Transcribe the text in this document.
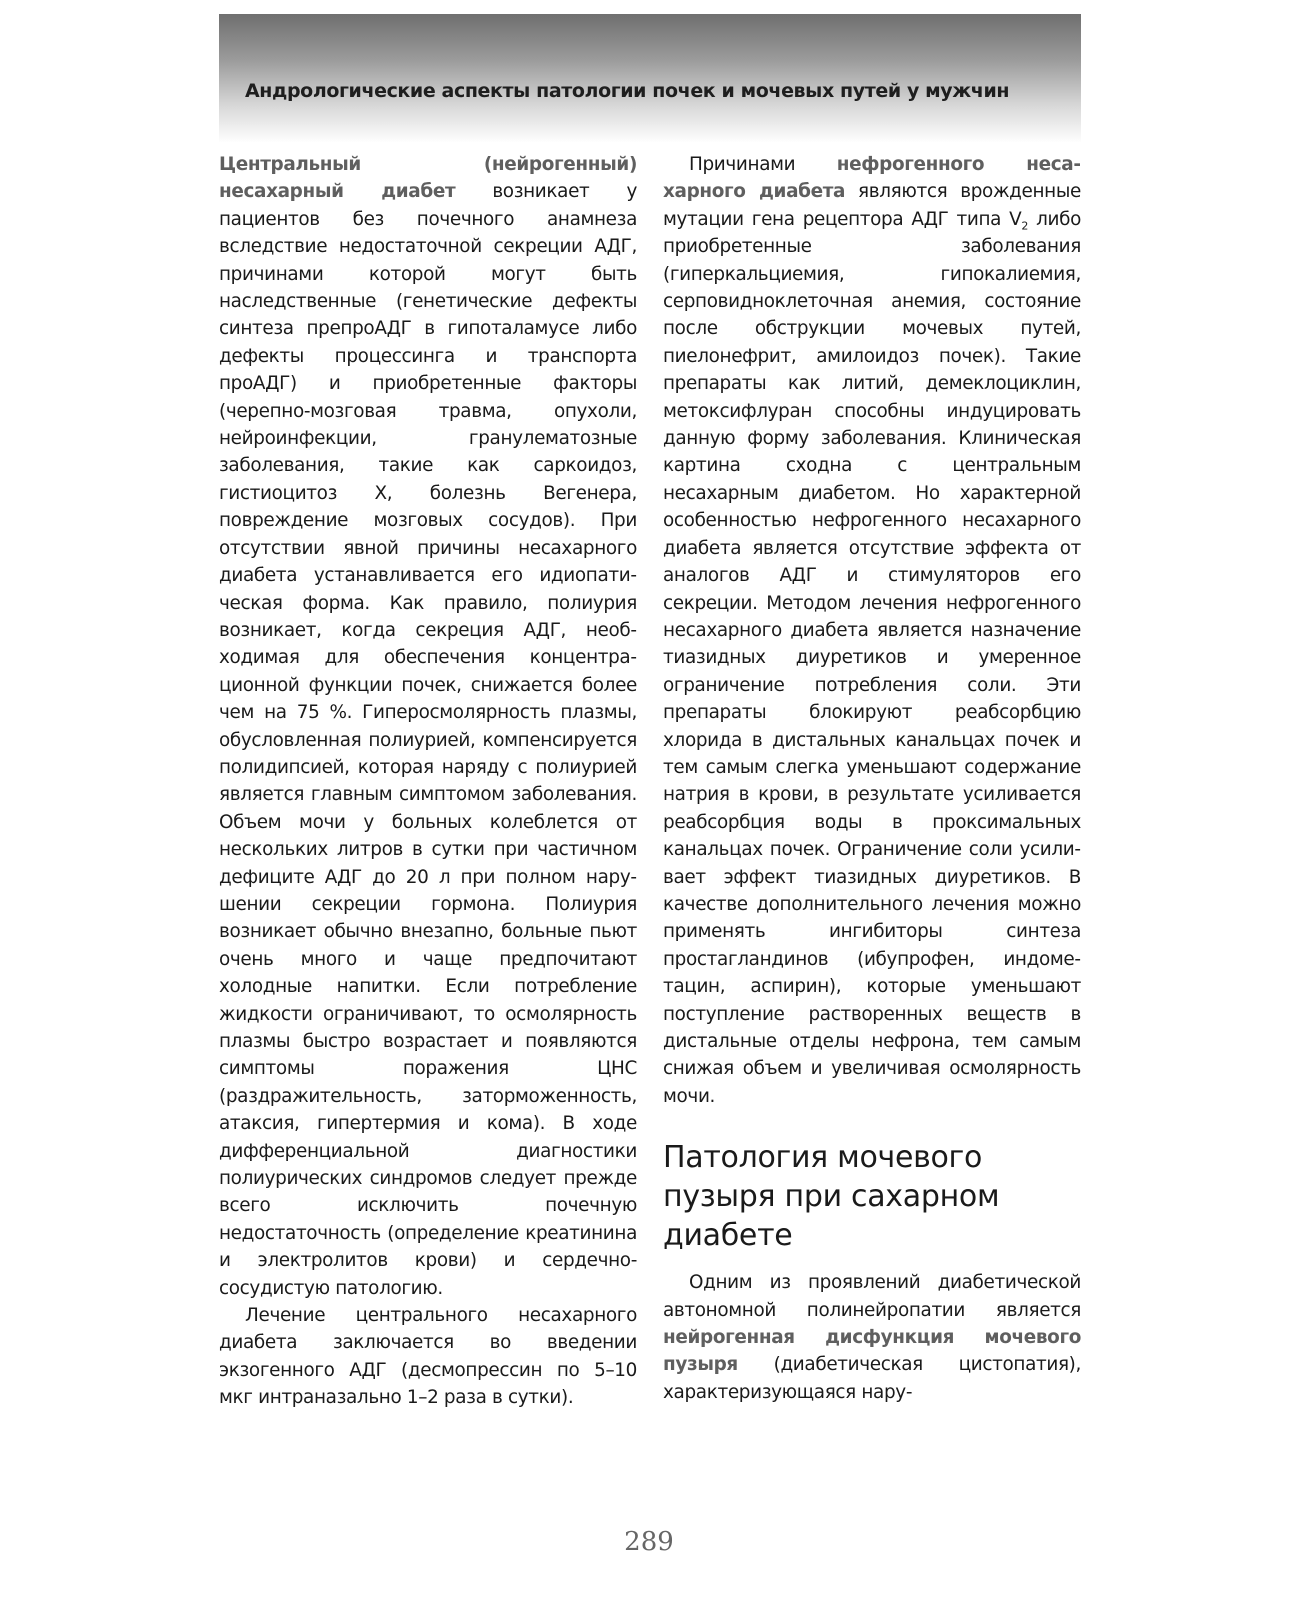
Андрологические аспекты патологии почек и мочевых путей у мужчин

Центральный (нейрогенный) несахарный диабет возникает у пациентов без почечного анамнеза вследствие недостаточной секреции АДГ, причинами которой могут быть наследственные (генетические дефекты синтеза препроАДГ в гипоталамусе либо дефекты процессинга и транспорта проАДГ) и приобретенные факторы (черепно-мозговая травма, опухоли, нейроинфекции, гранулематозные заболевания, такие как саркоидоз, гистиоцитоз Х, болезнь Вегенера, повреждение мозговых сосудов). При отсутствии явной причины несахарного диабета устанавливается его идиопатическая форма. Как правило, полиурия возникает, когда секреция АДГ, необходимая для обеспечения концентрационной функции почек, снижается более чем на 75 %. Гиперосмолярность плазмы, обусловленная полиурией, компенсируется полидипсией, которая наряду с полиурией является главным симптомом заболевания. Объем мочи у больных колеблется от нескольких литров в сутки при частичном дефиците АДГ до 20 л при полном нарушении секреции гормона. Полиурия возникает обычно внезапно, больные пьют очень много и чаще предпочитают холодные напитки. Если потребление жидкости ограничивают, то осмолярность плазмы быстро возрастает и появляются симптомы поражения ЦНС (раздражительность, заторможенность, атаксия, гипертермия и кома). В ходе дифференциальной диагностики полиурических синдромов следует прежде всего исключить почечную недостаточность (определение креатинина и электролитов крови) и сердечно-сосудистую патологию.

Лечение центрального несахарного диабета заключается во введении экзогенного АДГ (десмопрессин по 5–10 мкг интраназально 1–2 раза в сутки).

Причинами нефрогенного несахарного диабета являются врожденные мутации гена рецептора АДГ типа $V_2$ либо приобретенные заболевания (гиперкальциемия, гипокалиемия, серповидноклеточная анемия, состояние после обструкции мочевых путей, пиелонефрит, амилоидоз почек). Такие препараты как литий, демеклоциклин, метоксифлуран способны индуцировать данную форму заболевания. Клиническая картина сходна с центральным несахарным диабетом. Но характерной особенностью нефрогенного несахарного диабета является отсутствие эффекта от аналогов АДГ и стимуляторов его секреции. Методом лечения нефрогенного несахарного диабета является назначение тиазидных диуретиков и умеренное ограничение потребления соли. Эти препараты блокируют реабсорбцию хлорида в дистальных канальцах почек и тем самым слегка уменьшают содержание натрия в крови, в результате усиливается реабсорбция воды в проксимальных канальцах почек. Ограничение соли усиливает эффект тиазидных диуретиков. В качестве дополнительного лечения можно применять ингибиторы синтеза простагландинов (ибупрофен, индометацин, аспирин), которые уменьшают поступление растворенных веществ в дистальные отделы нефрона, тем самым снижая объем и увеличивая осмолярность мочи.

Патология мочевого пузыря при сахарном диабете

Одним из проявлений диабетической автономной полинейропатии является нейрогенная дисфункция мочевого пузыря (диабетическая цистопатия), характеризующаяся нару-

289
